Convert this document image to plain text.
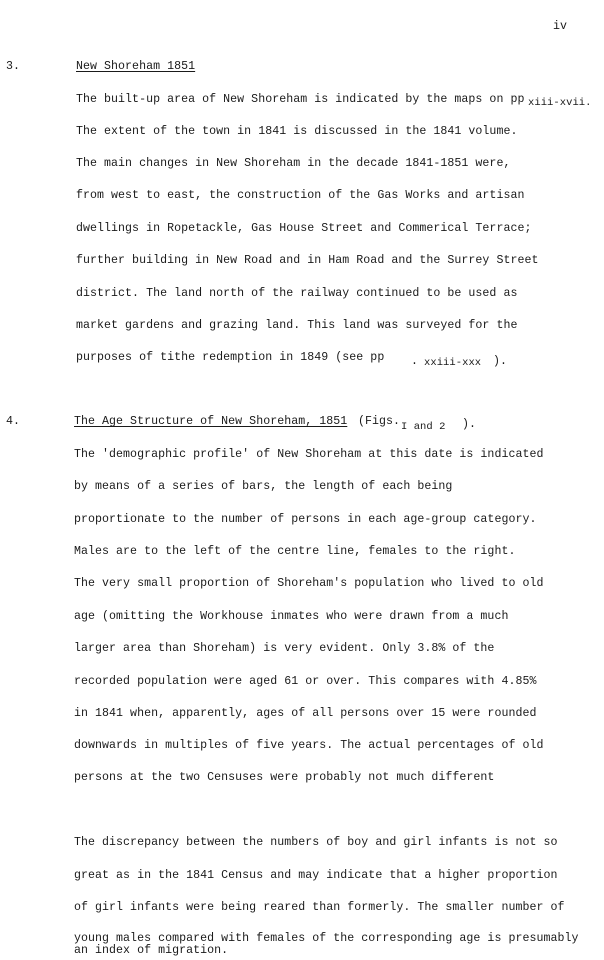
iv
3.	New Shoreham 1851
The built-up area of New Shoreham is indicated by the maps on pp xiii-xvii.
The extent of the town in 1841 is discussed in the 1841 volume.
The main changes in New Shoreham in the decade 1841-1851 were,
from west to east, the construction of the Gas Works and artisan
dwellings in Ropetackle, Gas House Street and Commerical Terrace;
further building in New Road and in Ham Road and the Surrey Street
district. The land north of the railway continued to be used as
market gardens and grazing land. This land was surveyed for the
purposes of tithe redemption in 1849 (see pp . xxiii-xxx ).
4.	The Age Structure of New Shoreham, 1851 (Figs. I and 2 ).
The 'demographic profile' of New Shoreham at this date is indicated
by means of a series of bars, the length of each being
proportionate to the number of persons in each age-group category.
Males are to the left of the centre line, females to the right.
The very small proportion of Shoreham's population who lived to old
age (omitting the Workhouse inmates who were drawn from a much
larger area than Shoreham) is very evident. Only 3.8% of the
recorded population were aged 61 or over. This compares with 4.85%
in 1841 when, apparently, ages of all persons over 15 were rounded
downwards in multiples of five years. The actual percentages of old
persons at the two Censuses were probably not much different
The discrepancy between the numbers of boy and girl infants is not so
great as in the 1841 Census and may indicate that a higher proportion
of girl infants were being reared than formerly. The smaller number of
young males compared with females of the corresponding age is presumably
an index of migration.
